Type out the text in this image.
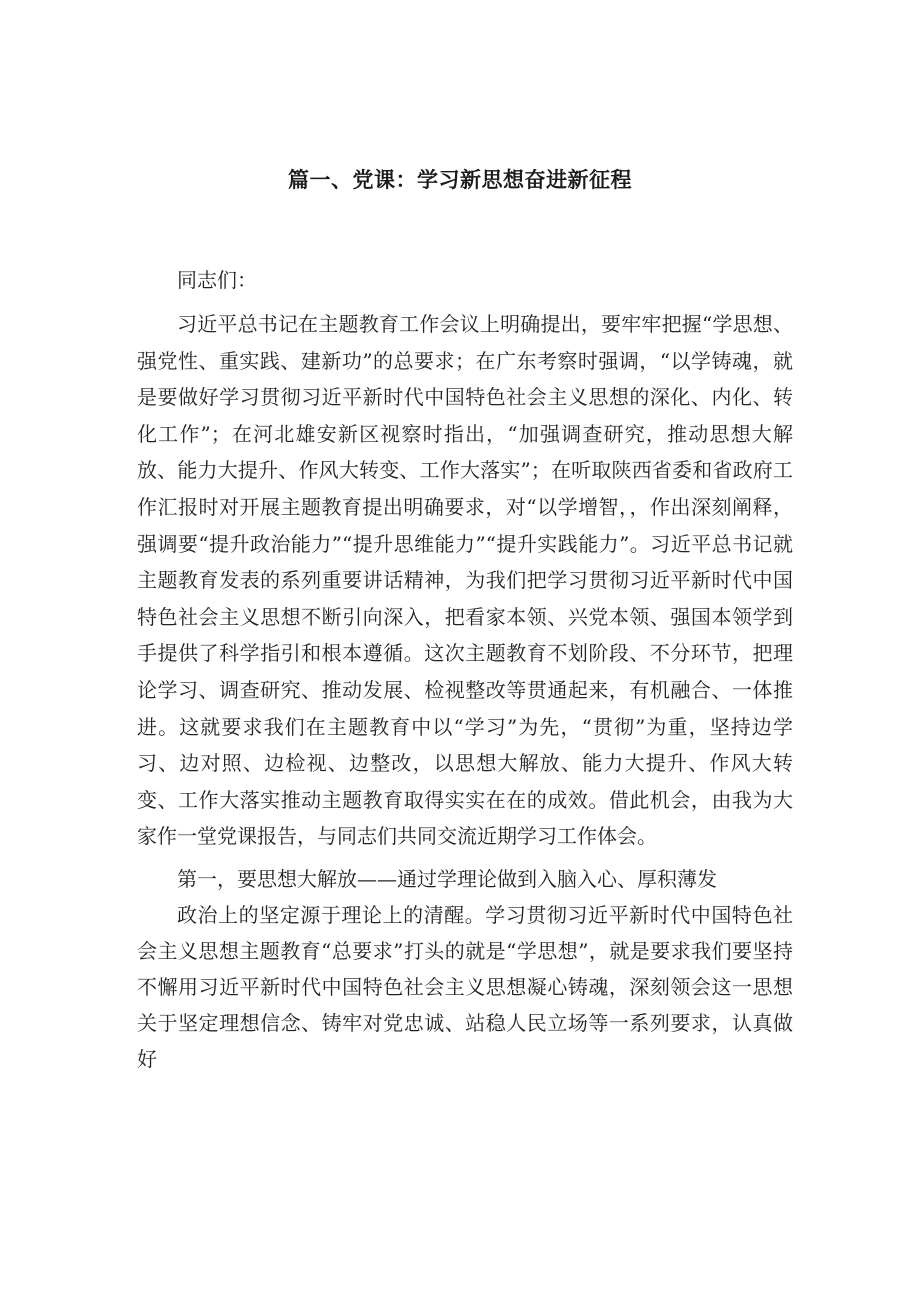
篇一、党课：学习新思想奋进新征程

同志们：

习近平总书记在主题教育工作会议上明确提出，要牢牢把握“学思想、强党性、重实践、建新功”的总要求；在广东考察时强调，“以学铸魂，就是要做好学习贯彻习近平新时代中国特色社会主义思想的深化、内化、转化工作”；在河北雄安新区视察时指出，“加强调查研究，推动思想大解放、能力大提升、作风大转变、工作大落实”；在听取陕西省委和省政府工作汇报时对开展主题教育提出明确要求，对“以学增智，，作出深刻阐释，强调要“提升政治能力”“提升思维能力”“提升实践能力”。习近平总书记就主题教育发表的系列重要讲话精神，为我们把学习贯彻习近平新时代中国特色社会主义思想不断引向深入，把看家本领、兴党本领、强国本领学到手提供了科学指引和根本遵循。这次主题教育不划阶段、不分环节，把理论学习、调查研究、推动发展、检视整改等贯通起来，有机融合、一体推进。这就要求我们在主题教育中以“学习”为先，“贯彻”为重，坚持边学习、边对照、边检视、边整改，以思想大解放、能力大提升、作风大转变、工作大落实推动主题教育取得实实在在的成效。借此机会，由我为大家作一堂党课报告，与同志们共同交流近期学习工作体会。

第一，要思想大解放——通过学理论做到入脑入心、厚积薄发

政治上的坚定源于理论上的清醒。学习贯彻习近平新时代中国特色社会主义思想主题教育“总要求”打头的就是“学思想”，就是要求我们要坚持不懈用习近平新时代中国特色社会主义思想凝心铸魂，深刻领会这一思想关于坚定理想信念、铸牢对党忠诚、站稳人民立场等一系列要求，认真做好
